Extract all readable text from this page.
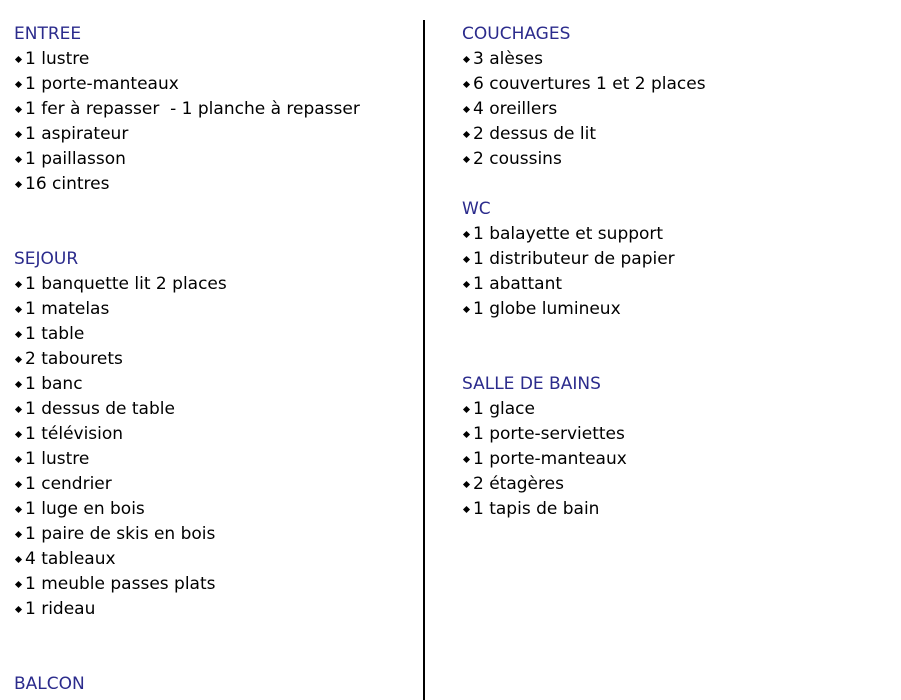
ENTREE
1 lustre
1 porte-manteaux
1 fer à repasser  - 1 planche à repasser
1 aspirateur
1 paillasson
16 cintres
SEJOUR
1 banquette lit 2 places
1 matelas
1 table
2 tabourets
1 banc
1 dessus de table
1 télévision
1 lustre
1 cendrier
1 luge en bois
1 paire de skis en bois
4 tableaux
1 meuble passes plats
1 rideau
BALCON
COUCHAGES
3 alèses
6 couvertures 1 et 2 places
4 oreillers
2 dessus de lit
2 coussins
WC
1 balayette et support
1 distributeur de papier
1 abattant
1 globe lumineux
SALLE DE BAINS
1 glace
1 porte-serviettes
1 porte-manteaux
2 étagères
1 tapis de bain
